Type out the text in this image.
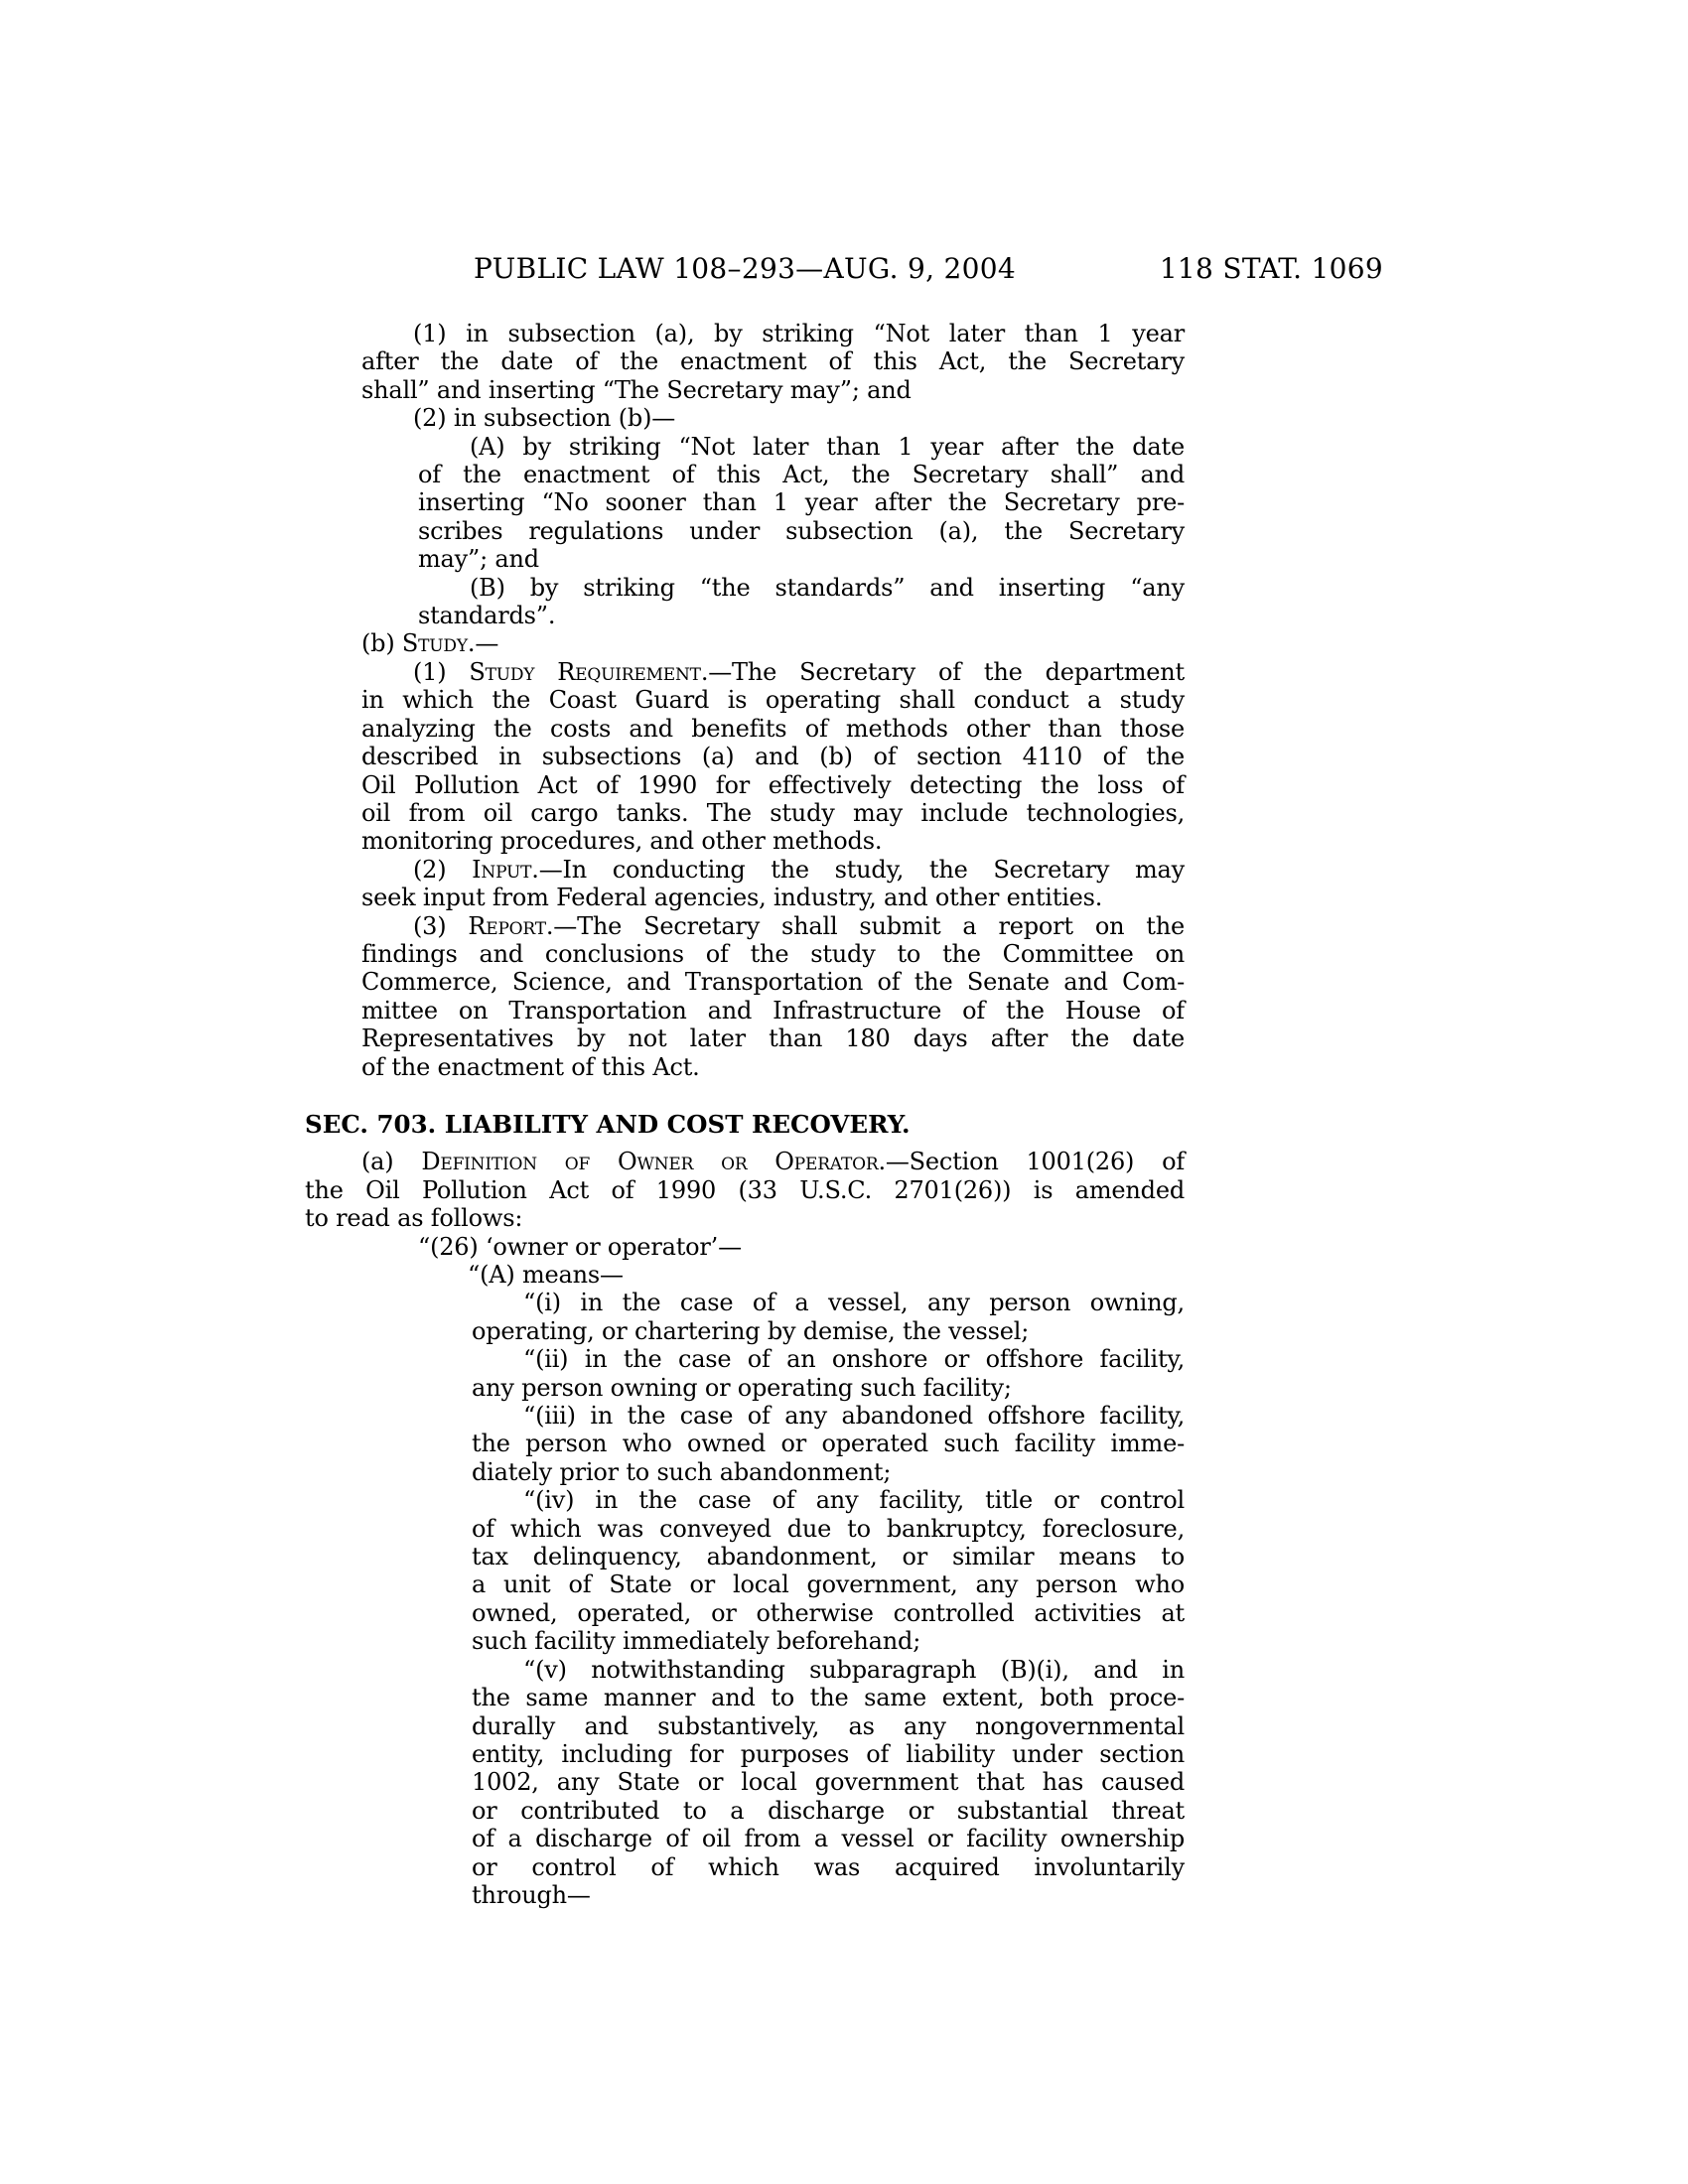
PUBLIC LAW 108–293—AUG. 9, 2004	118 STAT. 1069
(1) in subsection (a), by striking “Not later than 1 year
after the date of the enactment of this Act, the Secretary
shall” and inserting “The Secretary may”; and
(2) in subsection (b)—
(A) by striking “Not later than 1 year after the date
of the enactment of this Act, the Secretary shall” and
inserting “No sooner than 1 year after the Secretary pre-
scribes regulations under subsection (a), the Secretary
may”; and
(B) by striking “the standards” and inserting “any
standards”.
(b) Study.—
(1) Study Requirement.—The Secretary of the department
in which the Coast Guard is operating shall conduct a study
analyzing the costs and benefits of methods other than those
described in subsections (a) and (b) of section 4110 of the
Oil Pollution Act of 1990 for effectively detecting the loss of
oil from oil cargo tanks. The study may include technologies,
monitoring procedures, and other methods.
(2) Input.—In conducting the study, the Secretary may
seek input from Federal agencies, industry, and other entities.
(3) Report.—The Secretary shall submit a report on the
findings and conclusions of the study to the Committee on
Commerce, Science, and Transportation of the Senate and Com-
mittee on Transportation and Infrastructure of the House of
Representatives by not later than 180 days after the date
of the enactment of this Act.
SEC. 703. LIABILITY AND COST RECOVERY.
(a) Definition of Owner or Operator.—Section 1001(26) of
the Oil Pollution Act of 1990 (33 U.S.C. 2701(26)) is amended
to read as follows:
“(26) ‘owner or operator’—
“(A) means—
“(i) in the case of a vessel, any person owning,
operating, or chartering by demise, the vessel;
“(ii) in the case of an onshore or offshore facility,
any person owning or operating such facility;
“(iii) in the case of any abandoned offshore facility,
the person who owned or operated such facility imme-
diately prior to such abandonment;
“(iv) in the case of any facility, title or control
of which was conveyed due to bankruptcy, foreclosure,
tax delinquency, abandonment, or similar means to
a unit of State or local government, any person who
owned, operated, or otherwise controlled activities at
such facility immediately beforehand;
“(v) notwithstanding subparagraph (B)(i), and in
the same manner and to the same extent, both proce-
durally and substantively, as any nongovernmental
entity, including for purposes of liability under section
1002, any State or local government that has caused
or contributed to a discharge or substantial threat
of a discharge of oil from a vessel or facility ownership
or control of which was acquired involuntarily
through—
